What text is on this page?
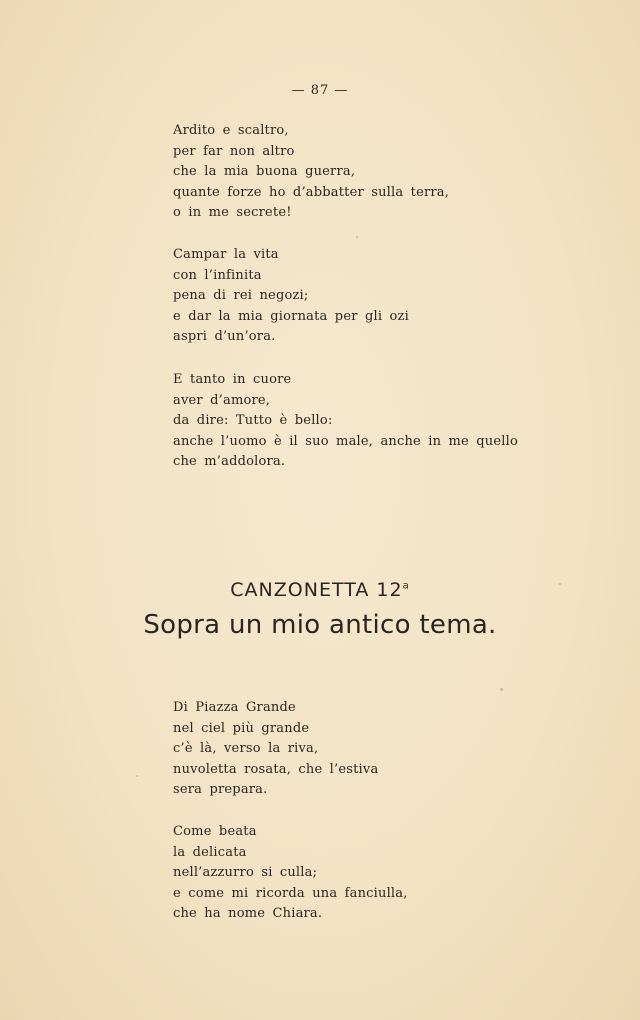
— 87 —
Ardito e scaltro,
per far non altro
che la mia buona guerra,
quante forze ho d’abbatter sulla terra,
o in me secrete!
Campar la vita
con l’infinita
pena di rei negozi;
e dar la mia giornata per gli ozi
aspri d’un’ora.
E tanto in cuore
aver d’amore,
da dire: Tutto è bello:
anche l’uomo è il suo male, anche in me quello
che m’addolora.
CANZONETTA 12$^a$
Sopra un mio antico tema.
Di Piazza Grande
nel ciel più grande
c’è là, verso la riva,
nuvoletta rosata, che l’estiva
sera prepara.
Come beata
la delicata
nell’azzurro si culla;
e come mi ricorda una fanciulla,
che ha nome Chiara.
